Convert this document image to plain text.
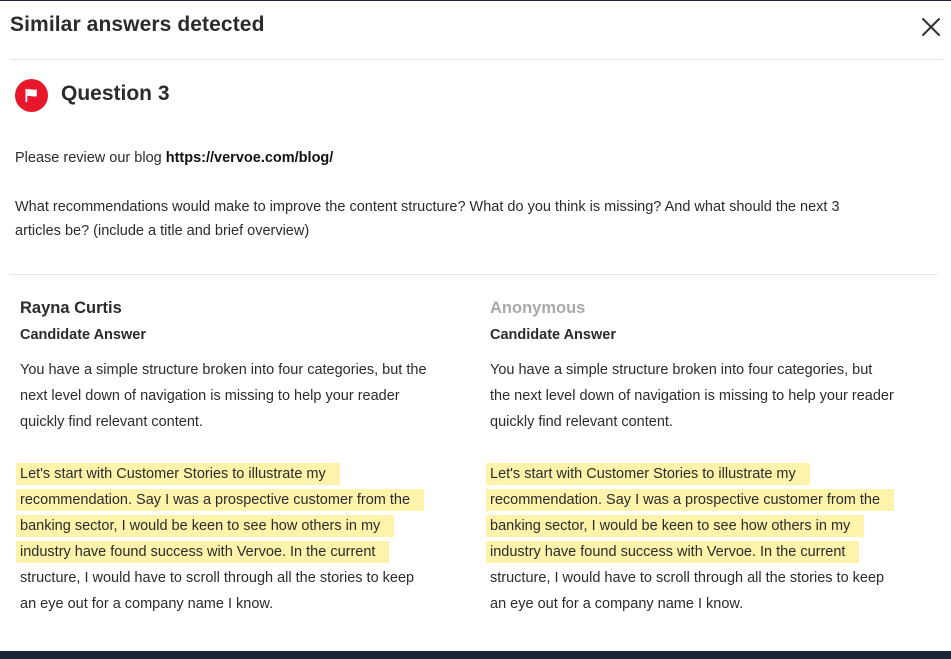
Similar answers detected
Question 3
Please review our blog https://vervoe.com/blog/
What recommendations would make to improve the content structure? What do you think is missing? And what should the next 3
articles be? (include a title and brief overview)
Rayna Curtis
Candidate Answer

You have a simple structure broken into four categories, but the
next level down of navigation is missing to help your reader
quickly find relevant content.

Let's start with Customer Stories to illustrate my
recommendation. Say I was a prospective customer from the
banking sector, I would be keen to see how others in my
industry have found success with Vervoe. In the current
structure, I would have to scroll through all the stories to keep
an eye out for a company name I know.

Anonymous
Candidate Answer

You have a simple structure broken into four categories, but
the next level down of navigation is missing to help your reader
quickly find relevant content.

Let's start with Customer Stories to illustrate my
recommendation. Say I was a prospective customer from the
banking sector, I would be keen to see how others in my
industry have found success with Vervoe. In the current
structure, I would have to scroll through all the stories to keep
an eye out for a company name I know.
